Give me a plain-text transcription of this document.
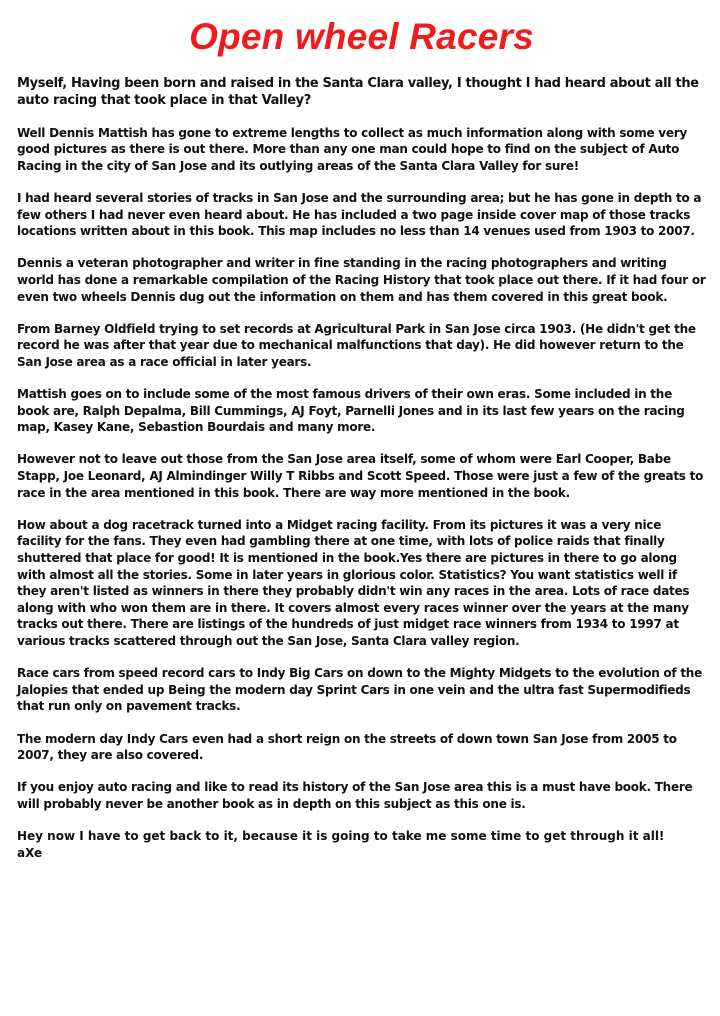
Open wheel Racers

Myself, Having been born and raised in the Santa Clara valley, I thought I had heard about all the auto racing that took place in that Valley?

Well Dennis Mattish has gone to extreme lengths to collect as much information along with some very good pictures as there is out there. More than any one man could hope to find on the subject of Auto Racing in the city of San Jose and its outlying areas of the Santa Clara Valley for sure!

I had heard several stories of tracks in San Jose and the surrounding area; but he has gone in depth to a few others I had never even heard about. He has included a two page inside cover map of those tracks locations written about in this book. This map includes no less than 14 venues used from 1903 to 2007.

Dennis a veteran photographer and writer in fine standing in the racing photographers and writing world has done a remarkable compilation of the Racing History that took place out there. If it had four or even two wheels Dennis dug out the information on them and has them covered in this great book.

From Barney Oldfield trying to set records at Agricultural Park in San Jose circa 1903. (He didn't get the record he was after that year due to mechanical malfunctions that day). He did however return to the San Jose area as a race official in later years.

Mattish goes on to include some of the most famous drivers of their own eras. Some included in the book are, Ralph Depalma, Bill Cummings, AJ Foyt, Parnelli Jones and in its last few years on the racing map, Kasey Kane, Sebastion Bourdais and many more.

However not to leave out those from the San Jose area itself, some of whom were Earl Cooper, Babe Stapp, Joe Leonard, AJ Almindinger Willy T Ribbs and Scott Speed. Those were just a few of the greats to race in the area mentioned in this book. There are way more mentioned in the book.

How about a dog racetrack turned into a Midget racing facility. From its pictures it was a very nice facility for the fans. They even had gambling there at one time, with lots of police raids that finally shuttered that place for good! It is mentioned in the book.Yes there are pictures in there to go along with almost all the stories. Some in later years in glorious color. Statistics? You want statistics well if they aren't listed as winners in there they probably didn't win any races in the area. Lots of race dates along with who won them are in there. It covers almost every races winner over the years at the many tracks out there. There are listings of the hundreds of just midget race winners from 1934 to 1997 at various tracks scattered through out the San Jose, Santa Clara valley region.

Race cars from speed record cars to Indy Big Cars on down to the Mighty Midgets to the evolution of the Jalopies that ended up Being the modern day Sprint Cars in one vein and the ultra fast Supermodifieds that run only on pavement tracks.

The modern day Indy Cars even had a short reign on the streets of down town San Jose from 2005 to 2007, they are also covered.

If you enjoy auto racing and like to read its history of the San Jose area this is a must have book. There will probably never be another book as in depth on this subject as this one is.

Hey now I have to get back to it, because it is going to take me some time to get through it all!

aXe
